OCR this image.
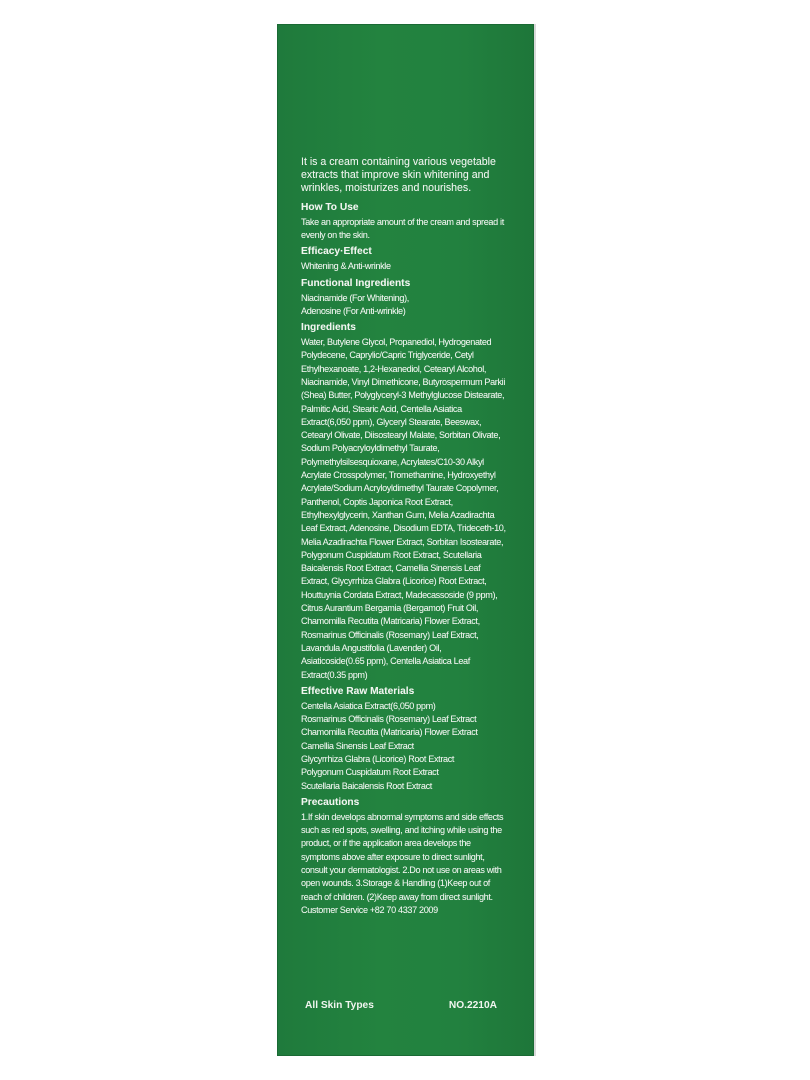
It is a cream containing various vegetable extracts that improve skin whitening and wrinkles, moisturizes and nourishes.

How To Use
Take an appropriate amount of the cream and spread it evenly on the skin.
Efficacy·Effect
Whitening & Anti-wrinkle
Functional Ingredients
Niacinamide (For Whitening),
Adenosine (For Anti-wrinkle)
Ingredients
Water, Butylene Glycol, Propanediol, Hydrogenated Polydecene, Caprylic/Capric Triglyceride, Cetyl Ethylhexanoate, 1,2-Hexanediol, Cetearyl Alcohol, Niacinamide, Vinyl Dimethicone, Butyrospermum Parkii (Shea) Butter, Polyglyceryl-3 Methylglucose Distearate, Palmitic Acid, Stearic Acid, Centella Asiatica Extract(6,050 ppm), Glyceryl Stearate, Beeswax, Cetearyl Olivate, Diisostearyl Malate, Sorbitan Olivate, Sodium Polyacryloyldimethyl Taurate, Polymethylsilsesquioxane, Acrylates/C10-30 Alkyl Acrylate Crosspolymer, Tromethamine, Hydroxyethyl Acrylate/Sodium Acryloyldimethyl Taurate Copolymer, Panthenol, Coptis Japonica Root Extract, Ethylhexylglycerin, Xanthan Gum, Melia Azadirachta Leaf Extract, Adenosine, Disodium EDTA, Trideceth-10, Melia Azadirachta Flower Extract, Sorbitan Isostearate, Polygonum Cuspidatum Root Extract, Scutellaria Baicalensis Root Extract, Camellia Sinensis Leaf Extract, Glycyrrhiza Glabra (Licorice) Root Extract, Houttuynia Cordata Extract, Madecassoside (9 ppm), Citrus Aurantium Bergamia (Bergamot) Fruit Oil, Chamomilla Recutita (Matricaria) Flower Extract, Rosmarinus Officinalis (Rosemary) Leaf Extract, Lavandula Angustifolia (Lavender) Oil, Asiaticoside(0.65 ppm), Centella Asiatica Leaf Extract(0.35 ppm)
Effective Raw Materials
Centella Asiatica Extract(6,050 ppm)
Rosmarinus Officinalis (Rosemary) Leaf Extract
Chamomilla Recutita (Matricaria) Flower Extract
Camellia Sinensis Leaf Extract
Glycyrrhiza Glabra (Licorice) Root Extract
Polygonum Cuspidatum Root Extract
Scutellaria Baicalensis Root Extract
Precautions
1.If skin develops abnormal symptoms and side effects such as red spots, swelling, and itching while using the product, or if the application area develops the symptoms above after exposure to direct sunlight, consult your dermatologist. 2.Do not use on areas with open wounds. 3.Storage & Handling (1)Keep out of reach of children. (2)Keep away from direct sunlight.
Customer Service +82 70 4337 2009
All Skin Types	NO.2210A
